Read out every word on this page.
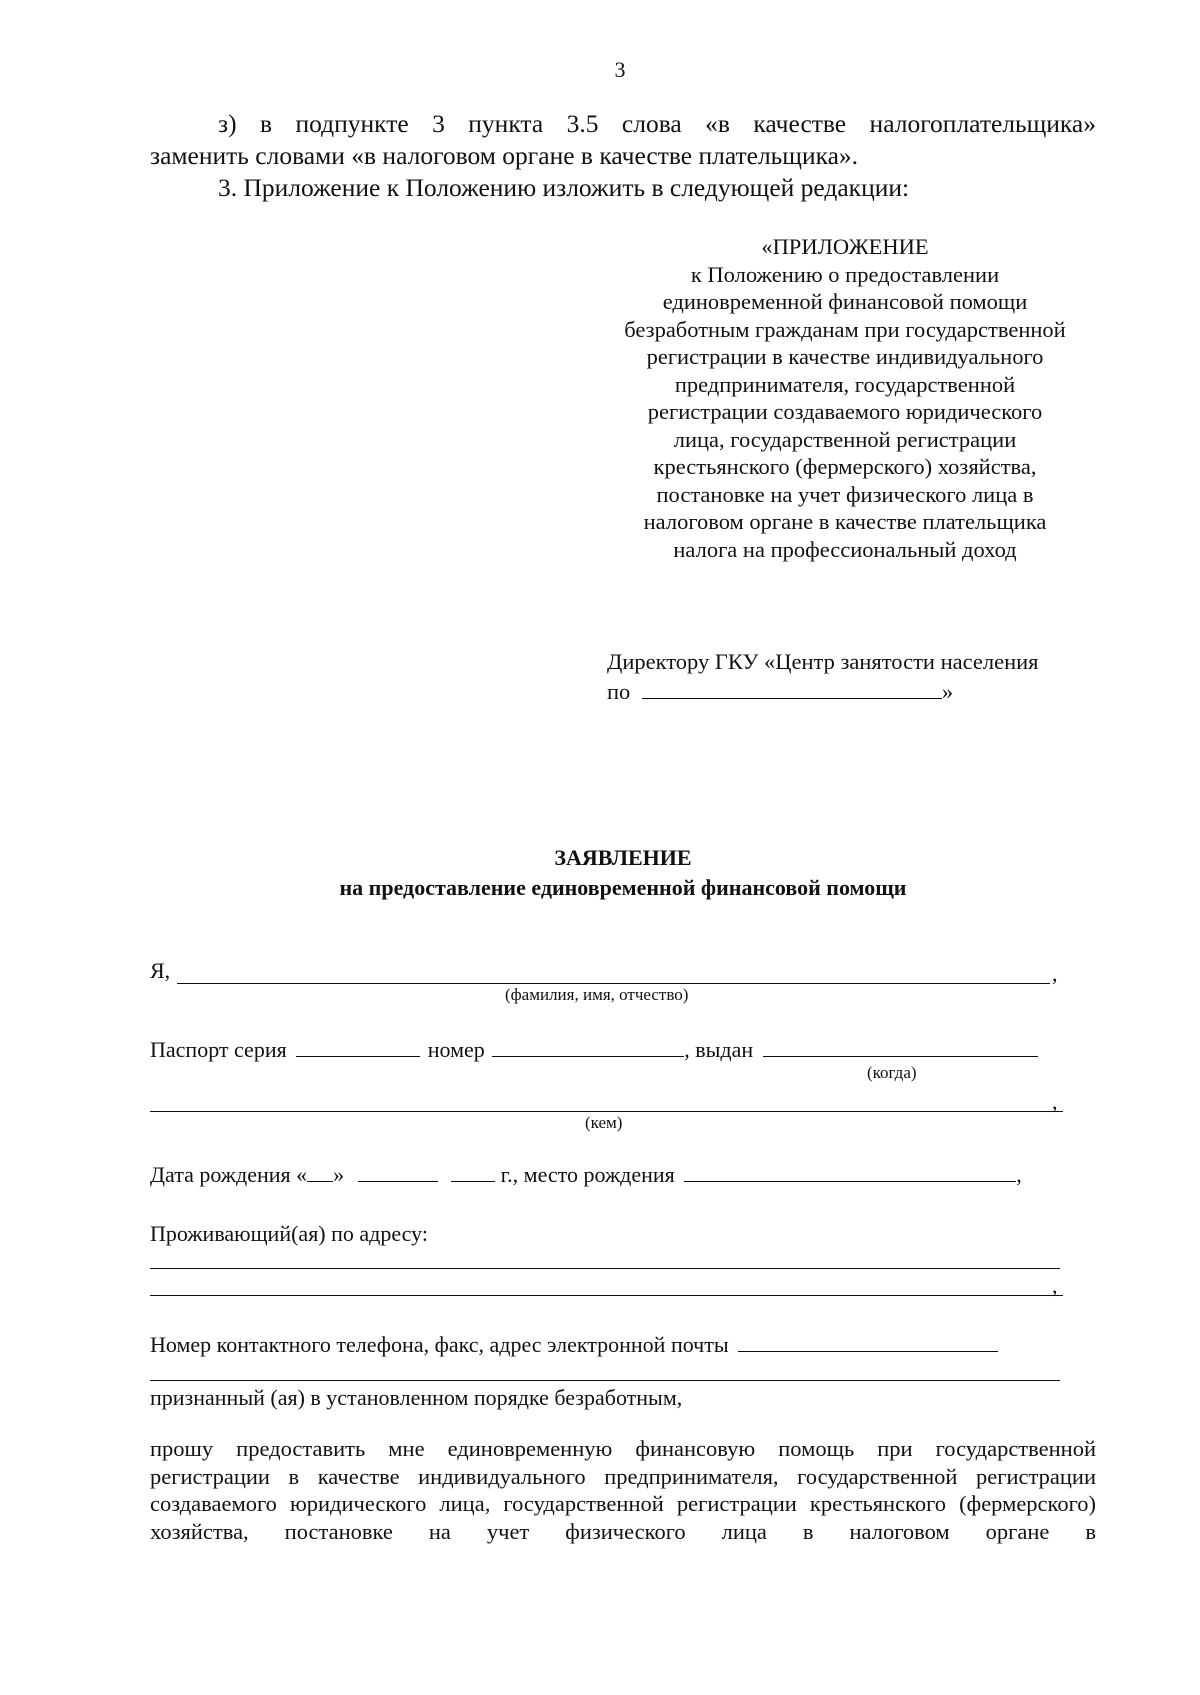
3

з) в подпункте 3 пункта 3.5 слова «в качестве налогоплательщика»

заменить словами «в налоговом органе в качестве плательщика».

3. Приложение к Положению изложить в следующей редакции:

«ПРИЛОЖЕНИЕ
к Положению о предоставлении
единовременной финансовой помощи
безработным гражданам при государственной
регистрации в качестве индивидуального
предпринимателя, государственной
регистрации создаваемого юридического
лица, государственной регистрации
крестьянского (фермерского) хозяйства,
постановке на учет физического лица в
налоговом органе в качестве плательщика
налога на профессиональный доход
Директору ГКУ «Центр занятости населения
по	»
ЗАЯВЛЕНИЕ
на предоставление единовременной финансовой помощи
Я,	,
(фамилия, имя, отчество)
Паспорт серия	номер	, выдан
(когда)
,
(кем)
Дата рождения « »	г., место рождения	,
Проживающий(ая) по адресу:
,
Номер контактного телефона, факс, адрес электронной почты
признанный (ая) в установленном порядке безработным,

прошу предоставить мне единовременную финансовую помощь при государственной регистрации в качестве индивидуального предпринимателя, государственной регистрации создаваемого юридического лица, государственной регистрации крестьянского (фермерского) хозяйства, постановке на учет физического лица в налоговом органе в
